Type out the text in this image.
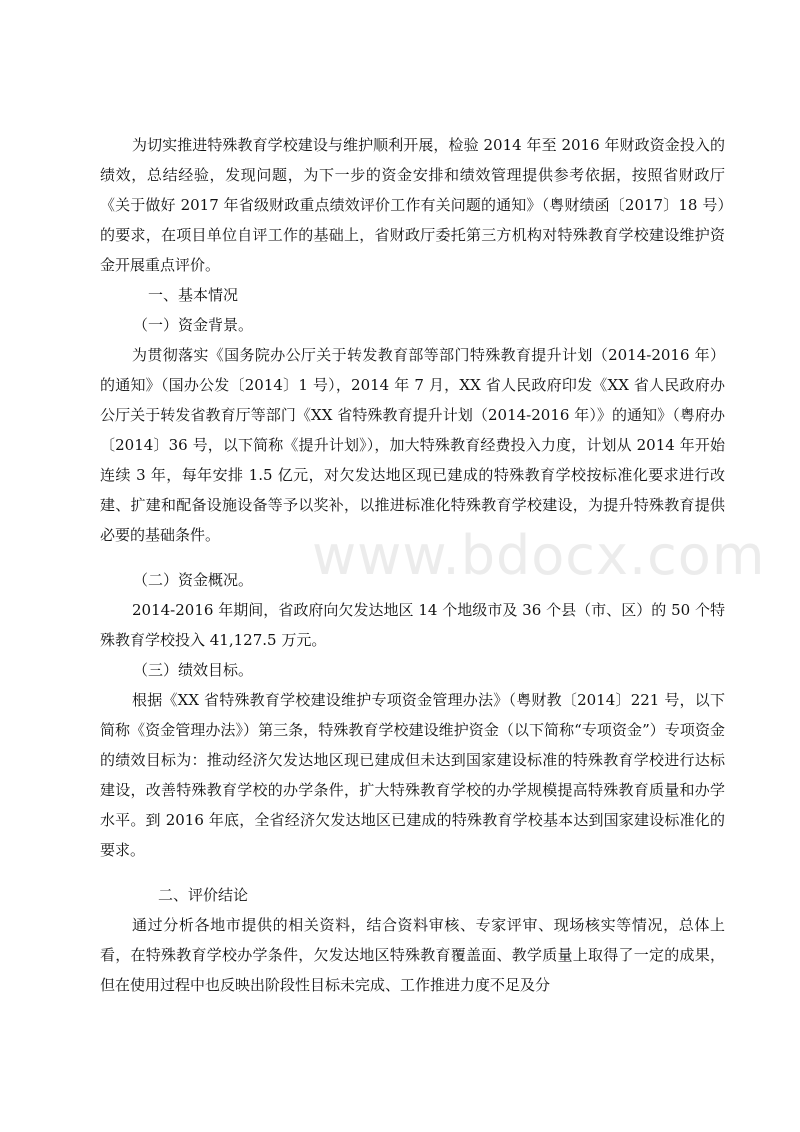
www.bdocx.com

为切实推进特殊教育学校建设与维护顺利开展，检验 2014 年至 2016 年财政资金投入的绩效，总结经验，发现问题，为下一步的资金安排和绩效管理提供参考依据，按照省财政厅《关于做好 2017 年省级财政重点绩效评价工作有关问题的通知》（粤财绩函〔2017〕18 号）的要求，在项目单位自评工作的基础上，省财政厅委托第三方机构对特殊教育学校建设维护资金开展重点评价。

一、基本情况

（一）资金背景。

为贯彻落实《国务院办公厅关于转发教育部等部门特殊教育提升计划（2014-2016 年）的通知》（国办公发〔2014〕1 号），2014 年 7 月，XX 省人民政府印发《XX 省人民政府办公厅关于转发省教育厅等部门《XX 省特殊教育提升计划（2014-2016 年）》的通知》（粤府办〔2014〕36 号，以下简称《提升计划》），加大特殊教育经费投入力度，计划从 2014 年开始连续 3 年，每年安排 1.5 亿元，对欠发达地区现已建成的特殊教育学校按标准化要求进行改建、扩建和配备设施设备等予以奖补，以推进标准化特殊教育学校建设，为提升特殊教育提供必要的基础条件。

（二）资金概况。

2014-2016 年期间，省政府向欠发达地区 14 个地级市及 36 个县（市、区）的 50 个特殊教育学校投入 41,127.5 万元。

（三）绩效目标。

根据《XX 省特殊教育学校建设维护专项资金管理办法》（粤财教〔2014〕221 号，以下简称《资金管理办法》）第三条，特殊教育学校建设维护资金（以下简称“专项资金”）专项资金的绩效目标为：推动经济欠发达地区现已建成但未达到国家建设标准的特殊教育学校进行达标建设，改善特殊教育学校的办学条件，扩大特殊教育学校的办学规模提高特殊教育质量和办学水平。到 2016 年底，全省经济欠发达地区已建成的特殊教育学校基本达到国家建设标准化的要求。

二、评价结论

通过分析各地市提供的相关资料，结合资料审核、专家评审、现场核实等情况，总体上看，在特殊教育学校办学条件，欠发达地区特殊教育覆盖面、教学质量上取得了一定的成果，但在使用过程中也反映出阶段性目标未完成、工作推进力度不足及分
